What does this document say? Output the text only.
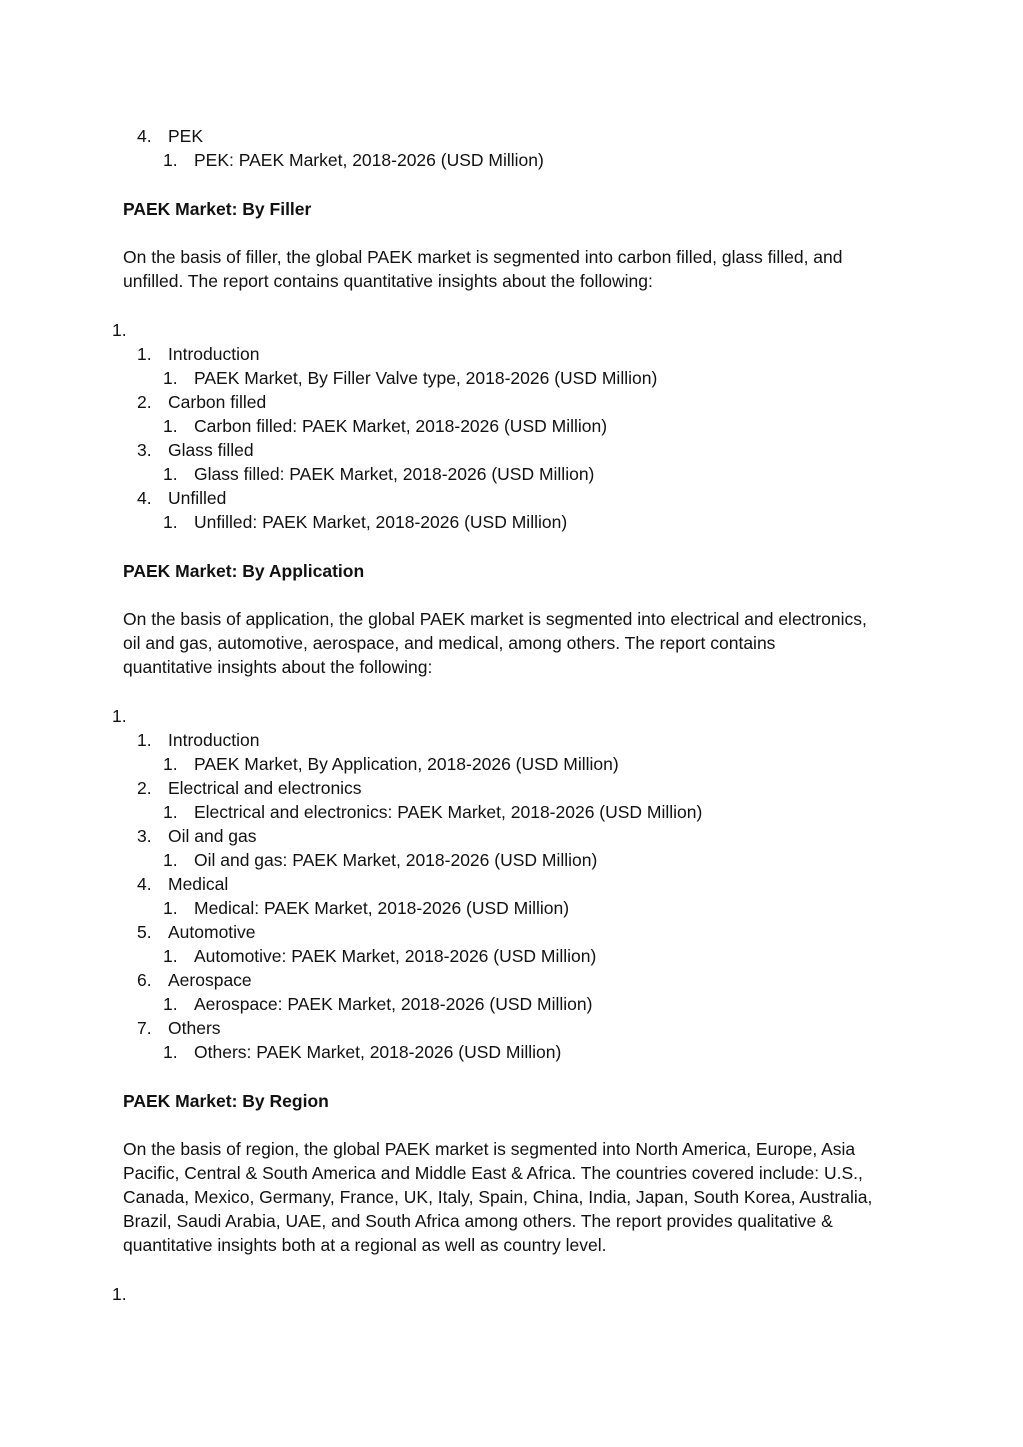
4. PEK
1. PEK: PAEK Market, 2018-2026 (USD Million)
PAEK Market: By Filler
On the basis of filler, the global PAEK market is segmented into carbon filled, glass filled, and
unfilled. The report contains quantitative insights about the following:
1.
1. Introduction
1. PAEK Market, By Filler Valve type, 2018-2026 (USD Million)
2. Carbon filled
1. Carbon filled: PAEK Market, 2018-2026 (USD Million)
3. Glass filled
1. Glass filled: PAEK Market, 2018-2026 (USD Million)
4. Unfilled
1. Unfilled: PAEK Market, 2018-2026 (USD Million)
PAEK Market: By Application
On the basis of application, the global PAEK market is segmented into electrical and electronics,
oil and gas, automotive, aerospace, and medical, among others. The report contains
quantitative insights about the following:
1.
1. Introduction
1. PAEK Market, By Application, 2018-2026 (USD Million)
2. Electrical and electronics
1. Electrical and electronics: PAEK Market, 2018-2026 (USD Million)
3. Oil and gas
1. Oil and gas: PAEK Market, 2018-2026 (USD Million)
4. Medical
1. Medical: PAEK Market, 2018-2026 (USD Million)
5. Automotive
1. Automotive: PAEK Market, 2018-2026 (USD Million)
6. Aerospace
1. Aerospace: PAEK Market, 2018-2026 (USD Million)
7. Others
1. Others: PAEK Market, 2018-2026 (USD Million)
PAEK Market: By Region
On the basis of region, the global PAEK market is segmented into North America, Europe, Asia
Pacific, Central & South America and Middle East & Africa. The countries covered include: U.S.,
Canada, Mexico, Germany, France, UK, Italy, Spain, China, India, Japan, South Korea, Australia,
Brazil, Saudi Arabia, UAE, and South Africa among others. The report provides qualitative &
quantitative insights both at a regional as well as country level.
1.
